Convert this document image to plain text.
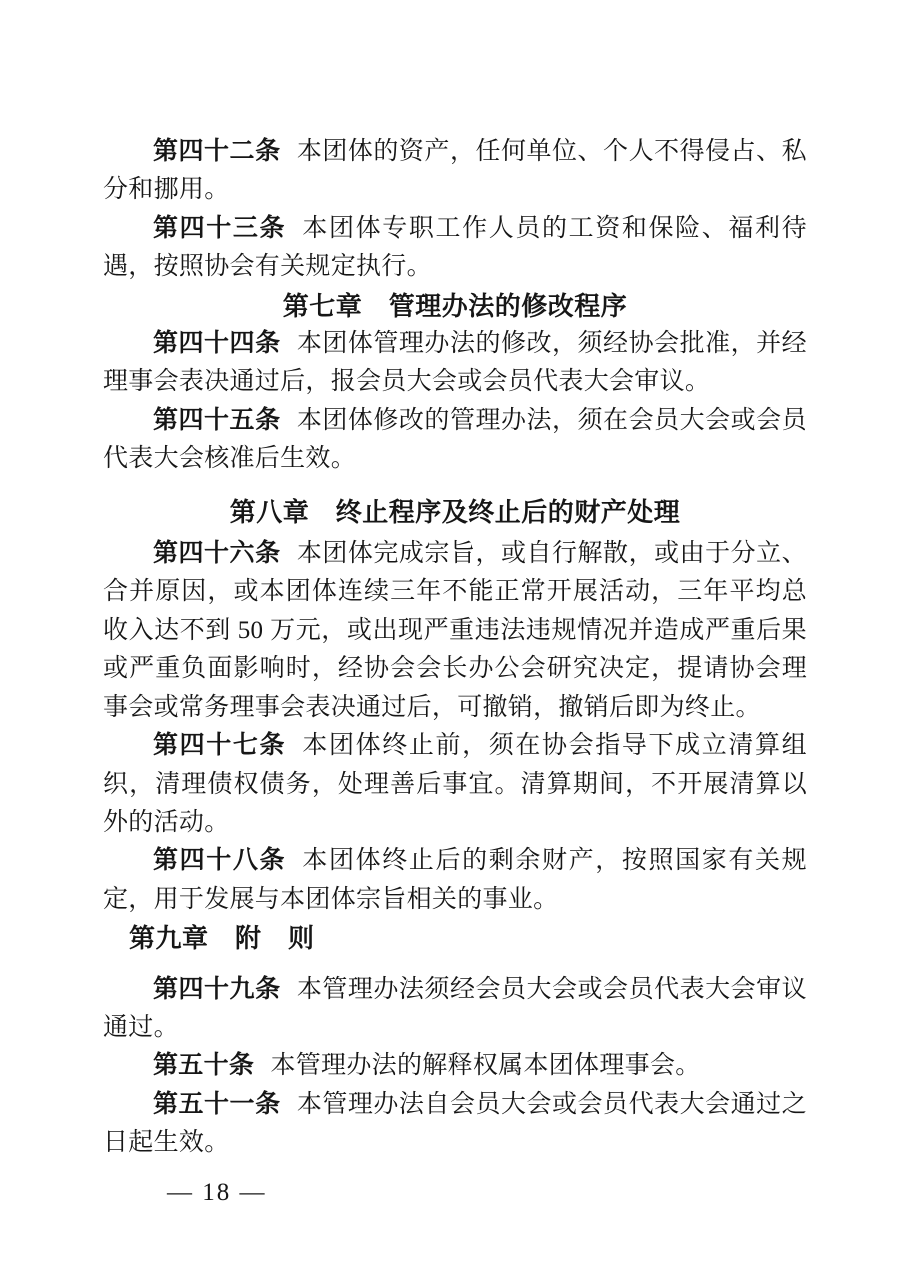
第四十二条 本团体的资产，任何单位、个人不得侵占、私分和挪用。

第四十三条 本团体专职工作人员的工资和保险、福利待遇，按照协会有关规定执行。

第七章　管理办法的修改程序

第四十四条 本团体管理办法的修改，须经协会批准，并经理事会表决通过后，报会员大会或会员代表大会审议。

第四十五条 本团体修改的管理办法，须在会员大会或会员代表大会核准后生效。

第八章　终止程序及终止后的财产处理

第四十六条 本团体完成宗旨，或自行解散，或由于分立、合并原因，或本团体连续三年不能正常开展活动，三年平均总收入达不到 50 万元，或出现严重违法违规情况并造成严重后果或严重负面影响时，经协会会长办公会研究决定，提请协会理事会或常务理事会表决通过后，可撤销，撤销后即为终止。

第四十七条 本团体终止前，须在协会指导下成立清算组织，清理债权债务，处理善后事宜。清算期间，不开展清算以外的活动。

第四十八条 本团体终止后的剩余财产，按照国家有关规定，用于发展与本团体宗旨相关的事业。

第九章　附　则

第四十九条 本管理办法须经会员大会或会员代表大会审议通过。

第五十条 本管理办法的解释权属本团体理事会。

第五十一条 本管理办法自会员大会或会员代表大会通过之日起生效。

— 18 —
